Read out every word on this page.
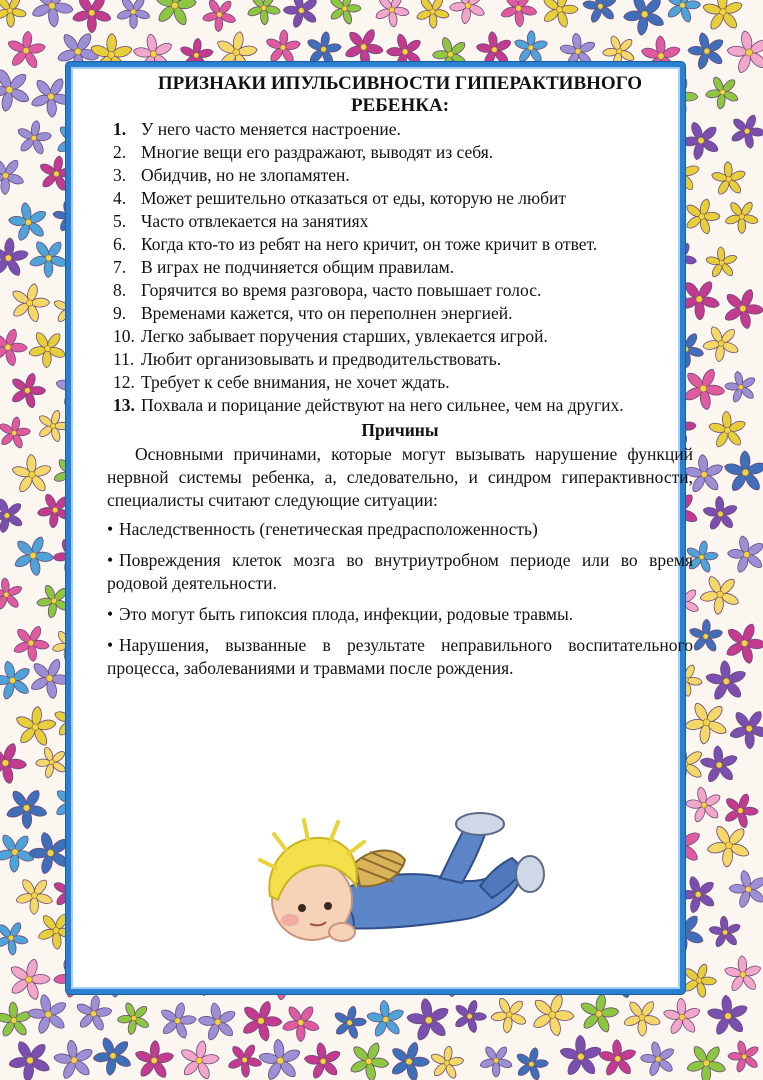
ПРИЗНАКИ ИПУЛЬСИВНОСТИ ГИПЕРАКТИВНОГО
РЕБЕНКА:
1. У него часто меняется настроение.
2. Многие вещи его раздражают, выводят из себя.
3. Обидчив, но не злопамятен.
4. Может решительно отказаться от еды, которую не любит
5. Часто отвлекается на занятиях
6. Когда кто-то из ребят на него кричит, он тоже кричит в ответ.
7. В играх не подчиняется общим правилам.
8. Горячится во время разговора, часто повышает голос.
9. Временами кажется, что он переполнен энергией.
10. Легко забывает поручения старших, увлекается игрой.
11. Любит организовывать и предводительствовать.
12. Требует к себе внимания, не хочет ждать.
13. Похвала и порицание действуют на него сильнее, чем на других.
Причины

Основными причинами, которые могут вызывать нарушение функций нервной системы ребенка, а, следовательно, и синдром гиперактивности, специалисты считают следующие ситуации:

• Наследственность (генетическая предрасположенность)

• Повреждения клеток мозга во внутриутробном периоде или во время родовой деятельности.

• Это могут быть гипоксия плода, инфекции, родовые травмы.

• Нарушения, вызванные в результате неправильного воспитательного процесса, заболеваниями и травмами после рождения.
